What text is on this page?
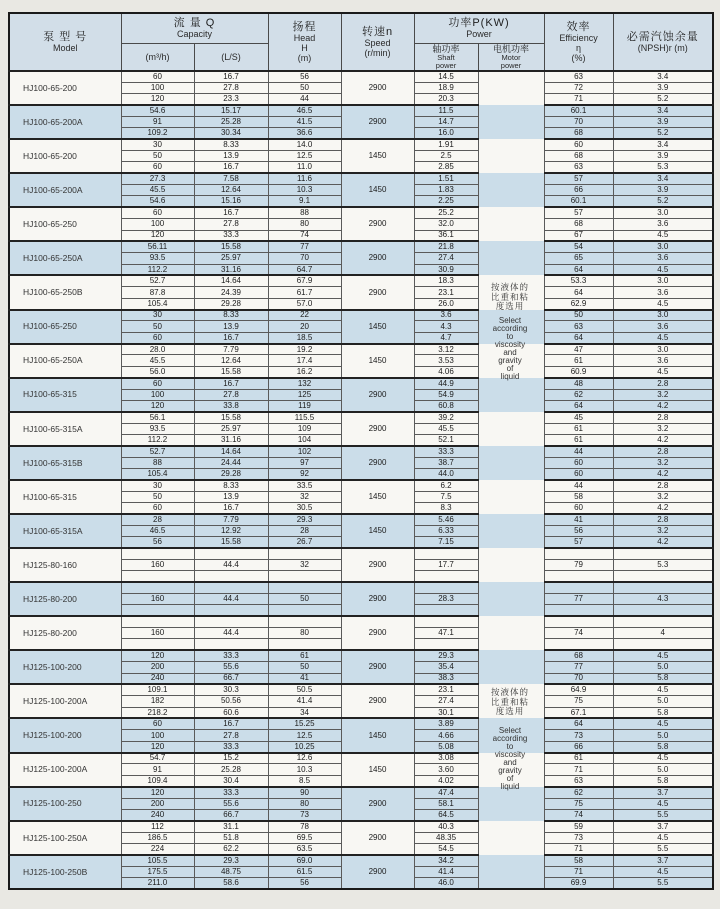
泵 型 号
Model

流 量 Q
Capacity

扬程
Head
H
(m)

转速n
Speed
(r/min)

功率P(KW)
Power

效率
Efficiency
η
(%)

必需汽蚀余量
(NPSH)r (m)

(m³/h)	(L/S)

轴功率
Shaft
power

电机功率
Motor
power

HJ100-65-200	60	16.7	56	2900	14.5		63	3.4
	100	27.8	50		18.9		72	3.9
	120	23.3	44		20.3		71	5.2
HJ100-65-200A	54.6	15.17	46.5	2900	11.5		60.1	3.4
	91	25.28	41.5		14.7		70	3.9
	109.2	30.34	36.6		16.0		68	5.2
HJ100-65-200	30	8.33	14.0	1450	1.91		60	3.4
	50	13.9	12.5		2.5		68	3.9
	60	16.7	11.0		2.85		63	5.3
HJ100-65-200A	27.3	7.58	11.6	1450	1.51		57	3.4
	45.5	12.64	10.3		1.83		66	3.9
	54.6	15.16	9.1		2.25		60.1	5.2
HJ100-65-250	60	16.7	88	2900	25.2		57	3.0
	100	27.8	80		32.0		68	3.6
	120	33.3	74		36.1		67	4.5
HJ100-65-250A	56.11	15.58	77	2900	21.8		54	3.0
	93.5	25.97	70		27.4		65	3.6
	112.2	31.16	64.7		30.9		64	4.5
HJ100-65-250B	52.7	14.64	67.9	2900	18.3		53.3	3.0
	87.8	24.39	61.7		23.1		64	3.6
	105.4	29.28	57.0		26.0		62.9	4.5
HJ100-65-250	30	8.33	22	1450	3.6		50	3.0
	50	13.9	20		4.3		63	3.6
	60	16.7	18.5		4.7		64	4.5
HJ100-65-250A	28.0	7.79	19.2	1450	3.12		47	3.0
	45.5	12.64	17.4		3.53		61	3.6
	56.0	15.58	16.2		4.06		60.9	4.5
HJ100-65-315	60	16.7	132	2900	44.9		48	2.8
	100	27.8	125		54.9		62	3.2
	120	33.8	119		60.8		64	4.2
HJ100-65-315A	56.1	15.58	115.5	2900	39.2		45	2.8
	93.5	25.97	109		45.5		61	3.2
	112.2	31.16	104		52.1		61	4.2
HJ100-65-315B	52.7	14.64	102	2900	33.3		44	2.8
	88	24.44	97		38.7		60	3.2
	105.4	29.28	92		44.0		60	4.2
HJ100-65-315	30	8.33	33.5	1450	6.2		44	2.8
	50	13.9	32		7.5		58	3.2
	60	16.7	30.5		8.3		60	4.2
HJ100-65-315A	28	7.79	29.3	1450	5.46		41	2.8
	46.5	12.92	28		6.33		56	3.2
	56	15.58	26.7		7.15		57	4.2
HJ125-80-160				2900				
	160	44.4	32		17.7		79	5.3

HJ125-80-200				2900				
	160	44.4	50		28.3		77	4.3

HJ125-80-200				2900				
	160	44.4	80		47.1		74	4

HJ125-100-200	120	33.3	61	2900	29.3		68	4.5
	200	55.6	50		35.4		77	5.0
	240	66.7	41		38.3		70	5.8
HJ125-100-200A	109.1	30.3	50.5	2900	23.1		64.9	4.5
	182	50.56	41.4		27.4		75	5.0
	218.2	60.6	34		30.1		67.1	5.8
HJ125-100-200	60	16.7	15.25	1450	3.89		64	4.5
	100	27.8	12.5		4.66		73	5.0
	120	33.3	10.25		5.08		66	5.8
HJ125-100-200A	54.7	15.2	12.6	1450	3.08		61	4.5
	91	25.28	10.3		3.60		71	5.0
	109.4	30.4	8.5		4.02		63	5.8
HJ125-100-250	120	33.3	90	2900	47.4		62	3.7
	200	55.6	80		58.1		75	4.5
	240	66.7	73		64.5		74	5.5
HJ125-100-250A	112	31.1	78	2900	40.3		59	3.7
	186.5	51.8	69.5		48.35		73	4.5
	224	62.2	63.5		54.5		71	5.5
HJ125-100-250B	105.5	29.3	69.0	2900	34.2		58	3.7
	175.5	48.75	61.5		41.4		71	4.5
	211.0	58.6	56		46.0		69.9	5.5
按液体的
比重和粘
度选用
Select
according
to
viscosity
and
gravity
of
liquid
按液体的
比重和粘
度选用
Select
according
to
viscosity
and
gravity
of
liquid
